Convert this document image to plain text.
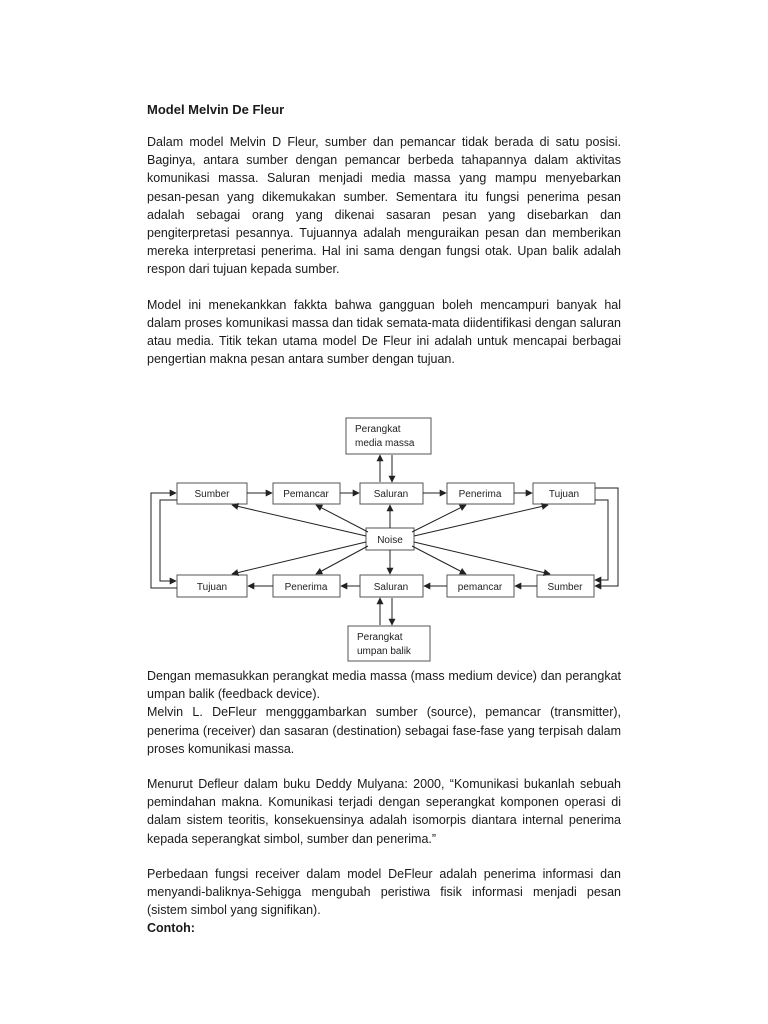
Model Melvin De Fleur

Dalam model Melvin D Fleur, sumber dan pemancar tidak berada di satu posisi. Baginya, antara sumber dengan pemancar berbeda tahapannya dalam aktivitas komunikasi massa. Saluran menjadi media massa yang mampu menyebarkan pesan-pesan yang dikemukakan sumber. Sementara itu fungsi penerima pesan adalah sebagai orang yang dikenai sasaran pesan yang disebarkan dan pengiterpretasi pesannya. Tujuannya adalah menguraikan pesan dan memberikan mereka interpretasi penerima. Hal ini sama dengan fungsi otak. Upan balik adalah respon dari tujuan kepada sumber.

Model ini menekankkan fakkta bahwa gangguan boleh mencampuri banyak hal dalam proses komunikasi massa dan tidak semata-mata diidentifikasi dengan saluran atau media. Titik tekan utama model De Fleur ini adalah untuk mencapai berbagai pengertian makna pesan antara sumber dengan tujuan.

Perangkat
media massa
Sumber	Pemancar	Saluran	Penerima	Tujuan
Noise
Tujuan	Penerima	Saluran	pemancar	Sumber
Perangkat
umpan balik

Dengan memasukkan perangkat media massa (mass medium device) dan perangkat umpan balik (feedback device).

Melvin L. DeFleur mengggambarkan sumber (source), pemancar (transmitter), penerima (receiver) dan sasaran (destination) sebagai fase-fase yang terpisah dalam proses komunikasi massa.

Menurut Defleur dalam buku Deddy Mulyana: 2000, “Komunikasi bukanlah sebuah pemindahan makna. Komunikasi terjadi dengan seperangkat komponen operasi di dalam sistem teoritis, konsekuensinya adalah isomorpis diantara internal penerima kepada seperangkat simbol, sumber dan penerima.”

Perbedaan fungsi receiver dalam model DeFleur adalah penerima informasi dan menyandi-baliknya-Sehigga mengubah peristiwa fisik informasi menjadi pesan (sistem simbol yang signifikan).

Contoh:
